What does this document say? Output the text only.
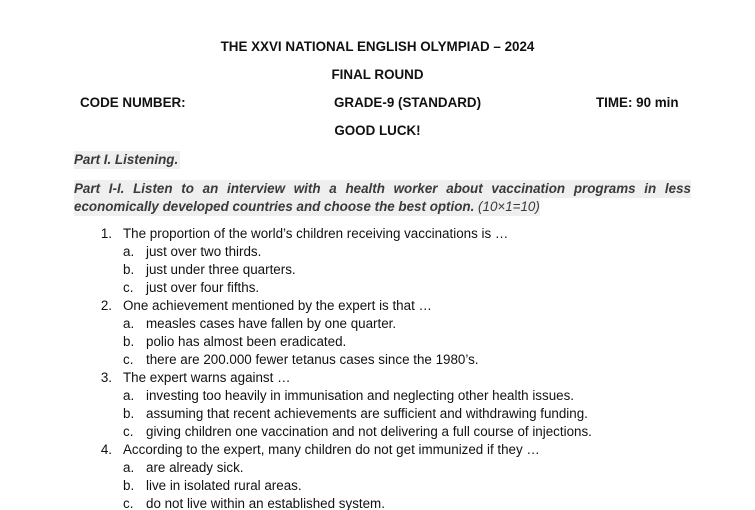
THE XXVI NATIONAL ENGLISH OLYMPIAD – 2024
FINAL ROUND
CODE NUMBER:	GRADE-9 (STANDARD)	TIME: 90 min
GOOD LUCK!
Part I. Listening.
Part I-I. Listen to an interview with a health worker about vaccination programs in less
economically developed countries and choose the best option. (10×1=10)
1. The proportion of the world’s children receiving vaccinations is …
a. just over two thirds.
b. just under three quarters.
c. just over four fifths.
2. One achievement mentioned by the expert is that …
a. measles cases have fallen by one quarter.
b. polio has almost been eradicated.
c. there are 200.000 fewer tetanus cases since the 1980’s.
3. The expert warns against …
a. investing too heavily in immunisation and neglecting other health issues.
b. assuming that recent achievements are sufficient and withdrawing funding.
c. giving children one vaccination and not delivering a full course of injections.
4. According to the expert, many children do not get immunized if they …
a. are already sick.
b. live in isolated rural areas.
c. do not live within an established system.
